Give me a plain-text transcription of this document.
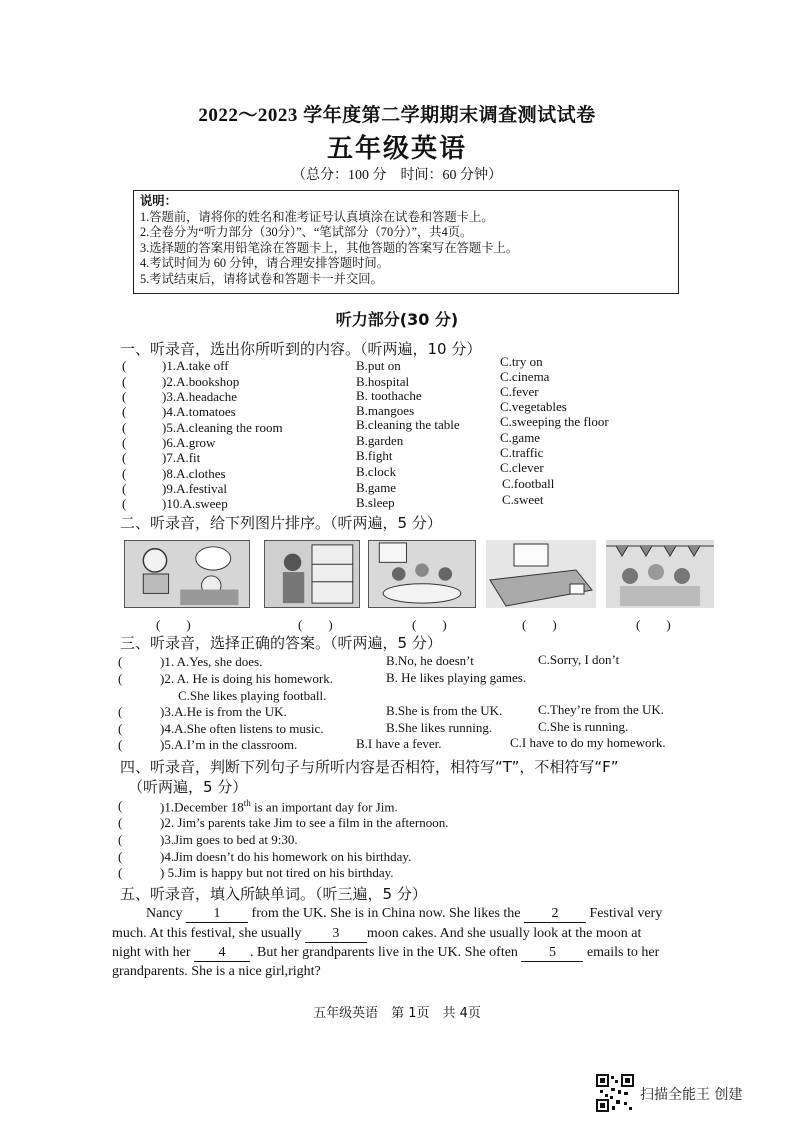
2022～2023 学年度第二学期期末调查测试试卷
五年级英语
（总分：100 分　时间：60 分钟）
说明：
1.答题前，请将你的姓名和准考证号认真填涂在试卷和答题卡上。
2.全卷分为“听力部分（30分）”、“笔试部分（70分）”，共4页。
3.选择题的答案用铅笔涂在答题卡上，其他答题的答案写在答题卡上。
4.考试时间为 60 分钟，请合理安排答题时间。
5.考试结束后，请将试卷和答题卡一并交回。
听力部分(30 分)
一、听录音，选出你所听到的内容。（听两遍，10 分）
(	)1.A.take off	B.put on	C.try on
(	)2.A.bookshop	B.hospital	C.cinema
(	)3.A.headache	B. toothache	C.fever
(	)4.A.tomatoes	B.mangoes	C.vegetables
(	)5.A.cleaning the room	B.cleaning the table	C.sweeping the floor
(	)6.A.grow	B.garden	C.game
(	)7.A.fit	B.fight	C.traffic
(	)8.A.clothes	B.clock	C.clever
(	)9.A.festival	B.game	C.football
(	)10.A.sweep	B.sleep	C.sweet
二、听录音，给下列图片排序。（听两遍，5 分）
(　　)	(　　)	(　　)	(　　)	(　　)
三、听录音，选择正确的答案。（听两遍，5 分）
(	)1. A.Yes, she does.	B.No, he doesn’t	C.Sorry, I don’t
(	)2. A. He is doing his homework.	B. He likes playing games.
C.She likes playing football.
(	)3.A.He is from the UK.	B.She is from the UK.	C.They’re from the UK.
(	)4.A.She often listens to music.	B.She likes running.	C.She is running.
(	)5.A.I’m in the classroom.	B.I have a fever.	C.I have to do my homework.
四、听录音，判断下列句子与所听内容是否相符，相符写“T”，不相符写“F”
（听两遍，5 分）
(	)1.December 18th is an important day for Jim.
(	)2. Jim’s parents take Jim to see a film in the afternoon.
(	)3.Jim goes to bed at 9:30.
(	)4.Jim doesn’t do his homework on his birthday.
(	) 5.Jim is happy but not tired on his birthday.
五、听录音，填入所缺单词。（听三遍，5 分）
Nancy 1 from the UK. She is in China now. She likes the 2 Festival very
much. At this festival, she usually 3 moon cakes. And she usually look at the moon at
night with her 4 . But her grandparents live in the UK. She often 5 emails to her
grandparents. She is a nice girl,right?
五年级英语　第 1页　共 4页
扫描全能王 创建
